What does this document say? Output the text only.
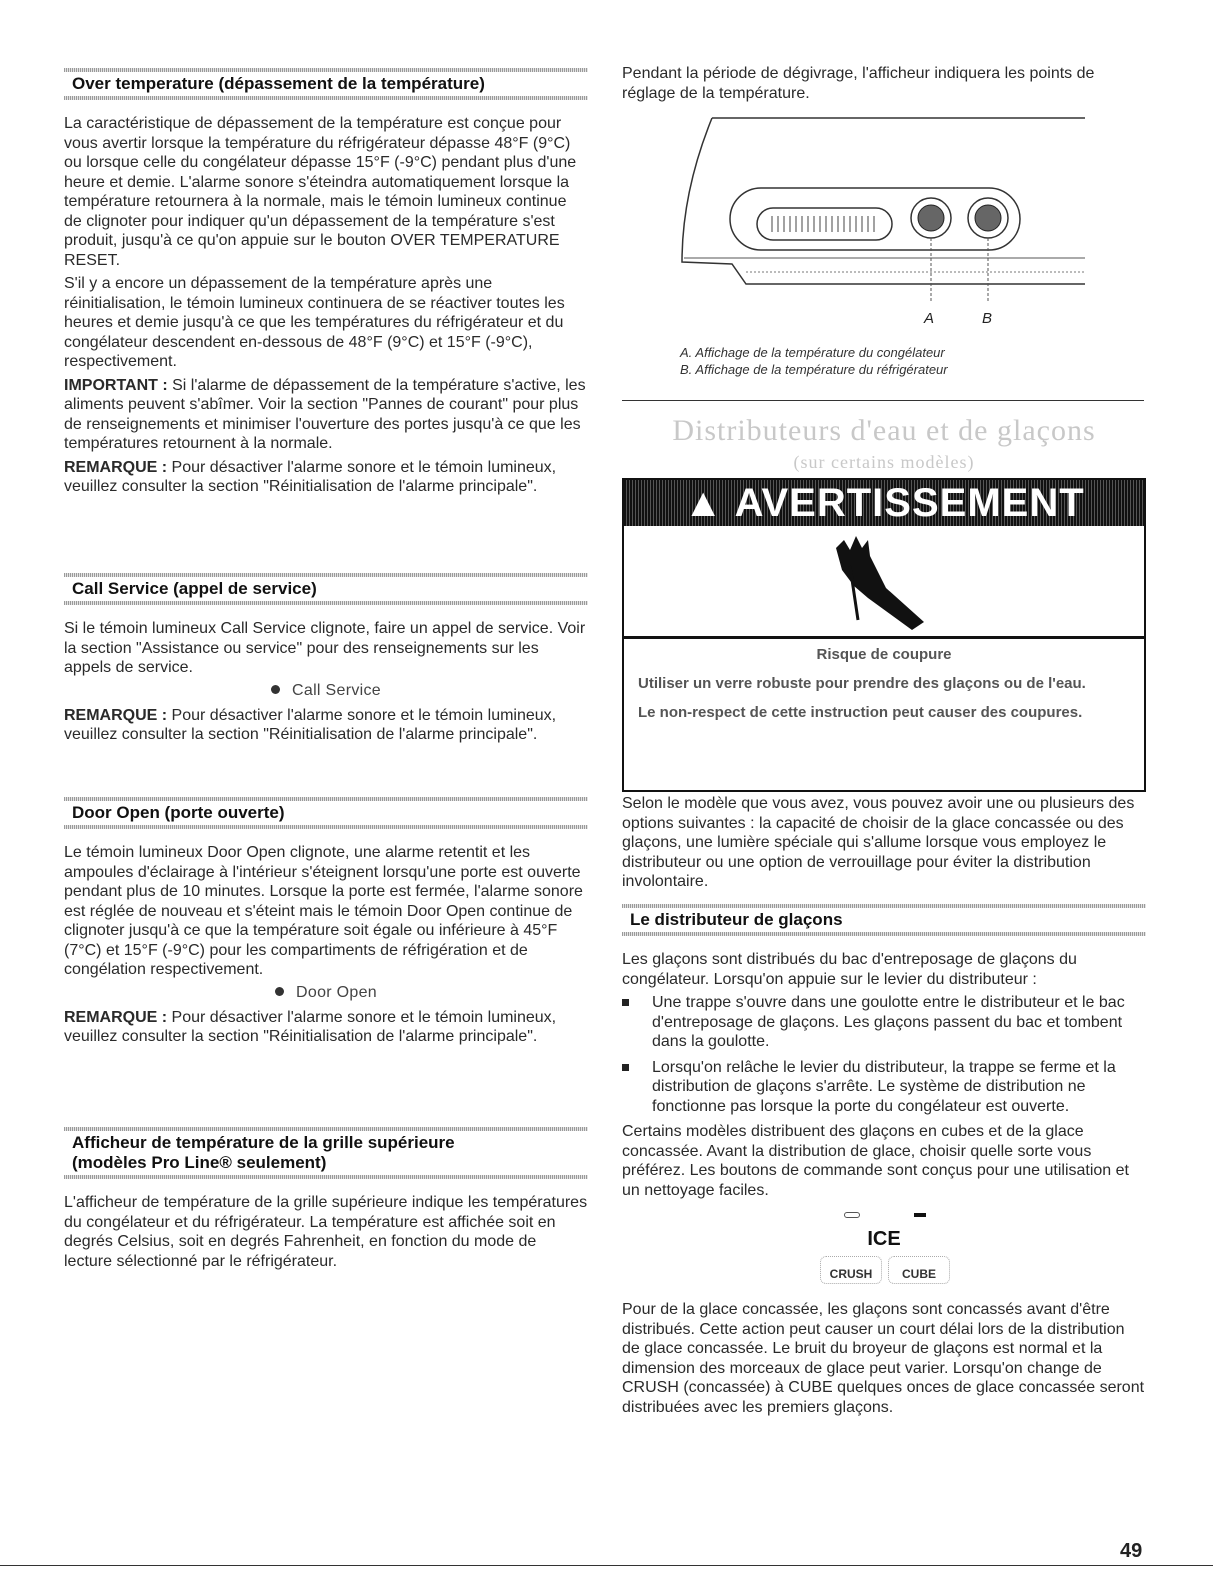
Over temperature (dépassement de la température)

La caractéristique de dépassement de la température est conçue pour vous avertir lorsque la température du réfrigérateur dépasse 48°F (9°C) ou lorsque celle du congélateur dépasse 15°F (-9°C) pendant plus d'une heure et demie. L'alarme sonore s'éteindra automatiquement lorsque la température retournera à la normale, mais le témoin lumineux continue de clignoter pour indiquer qu'un dépassement de la température s'est produit, jusqu'à ce qu'on appuie sur le bouton OVER TEMPERATURE RESET.

S'il y a encore un dépassement de la température après une réinitialisation, le témoin lumineux continuera de se réactiver toutes les heures et demie jusqu'à ce que les températures du réfrigérateur et du congélateur descendent en-dessous de 48°F (9°C) et 15°F (-9°C), respectivement.

IMPORTANT : Si l'alarme de dépassement de la température s'active, les aliments peuvent s'abîmer. Voir la section "Pannes de courant" pour plus de renseignements et minimiser l'ouverture des portes jusqu'à ce que les températures retournent à la normale.

REMARQUE : Pour désactiver l'alarme sonore et le témoin lumineux, veuillez consulter la section "Réinitialisation de l'alarme principale".

Call Service (appel de service)

Si le témoin lumineux Call Service clignote, faire un appel de service. Voir la section "Assistance ou service" pour des renseignements sur les appels de service.

Call Service

REMARQUE : Pour désactiver l'alarme sonore et le témoin lumineux, veuillez consulter la section "Réinitialisation de l'alarme principale".

Door Open (porte ouverte)

Le témoin lumineux Door Open clignote, une alarme retentit et les ampoules d'éclairage à l'intérieur s'éteignent lorsqu'une porte est ouverte pendant plus de 10 minutes. Lorsque la porte est fermée, l'alarme sonore est réglée de nouveau et s'éteint mais le témoin Door Open continue de clignoter jusqu'à ce que la température soit égale ou inférieure à 45°F (7°C) et 15°F (-9°C) pour les compartiments de réfrigération et de congélation respectivement.

Door Open

REMARQUE : Pour désactiver l'alarme sonore et le témoin lumineux, veuillez consulter la section "Réinitialisation de l'alarme principale".

Afficheur de température de la grille supérieure
(modèles Pro Line® seulement)

L'afficheur de température de la grille supérieure indique les températures du congélateur et du réfrigérateur. La température est affichée soit en degrés Celsius, soit en degrés Fahrenheit, en fonction du mode de lecture sélectionné par le réfrigérateur.

Pendant la période de dégivrage, l'afficheur indiquera les points de réglage de la température.

A	B
A. Affichage de la température du congélateur
B. Affichage de la température du réfrigérateur
Distributeurs d'eau et de glaçons
(sur certains modèles)
▲ AVERTISSEMENT
Risque de coupure

Utiliser un verre robuste pour prendre des glaçons ou de l'eau.

Le non-respect de cette instruction peut causer des coupures.

Selon le modèle que vous avez, vous pouvez avoir une ou plusieurs des options suivantes : la capacité de choisir de la glace concassée ou des glaçons, une lumière spéciale qui s'allume lorsque vous employez le distributeur ou une option de verrouillage pour éviter la distribution involontaire.

Le distributeur de glaçons

Les glaçons sont distribués du bac d'entreposage de glaçons du congélateur. Lorsqu'on appuie sur le levier du distributeur :

Une trappe s'ouvre dans une goulotte entre le distributeur et le bac d'entreposage de glaçons. Les glaçons passent du bac et tombent dans la goulotte.
Lorsqu'on relâche le levier du distributeur, la trappe se ferme et la distribution de glaçons s'arrête. Le système de distribution ne fonctionne pas lorsque la porte du congélateur est ouverte.

Certains modèles distribuent des glaçons en cubes et de la glace concassée. Avant la distribution de glace, choisir quelle sorte vous préférez. Les boutons de commande sont conçus pour une utilisation et un nettoyage faciles.

ICE
CRUSH	CUBE

Pour de la glace concassée, les glaçons sont concassés avant d'être distribués. Cette action peut causer un court délai lors de la distribution de glace concassée. Le bruit du broyeur de glaçons est normal et la dimension des morceaux de glace peut varier. Lorsqu'on change de CRUSH (concassée) à CUBE quelques onces de glace concassée seront distribuées avec les premiers glaçons.

49
